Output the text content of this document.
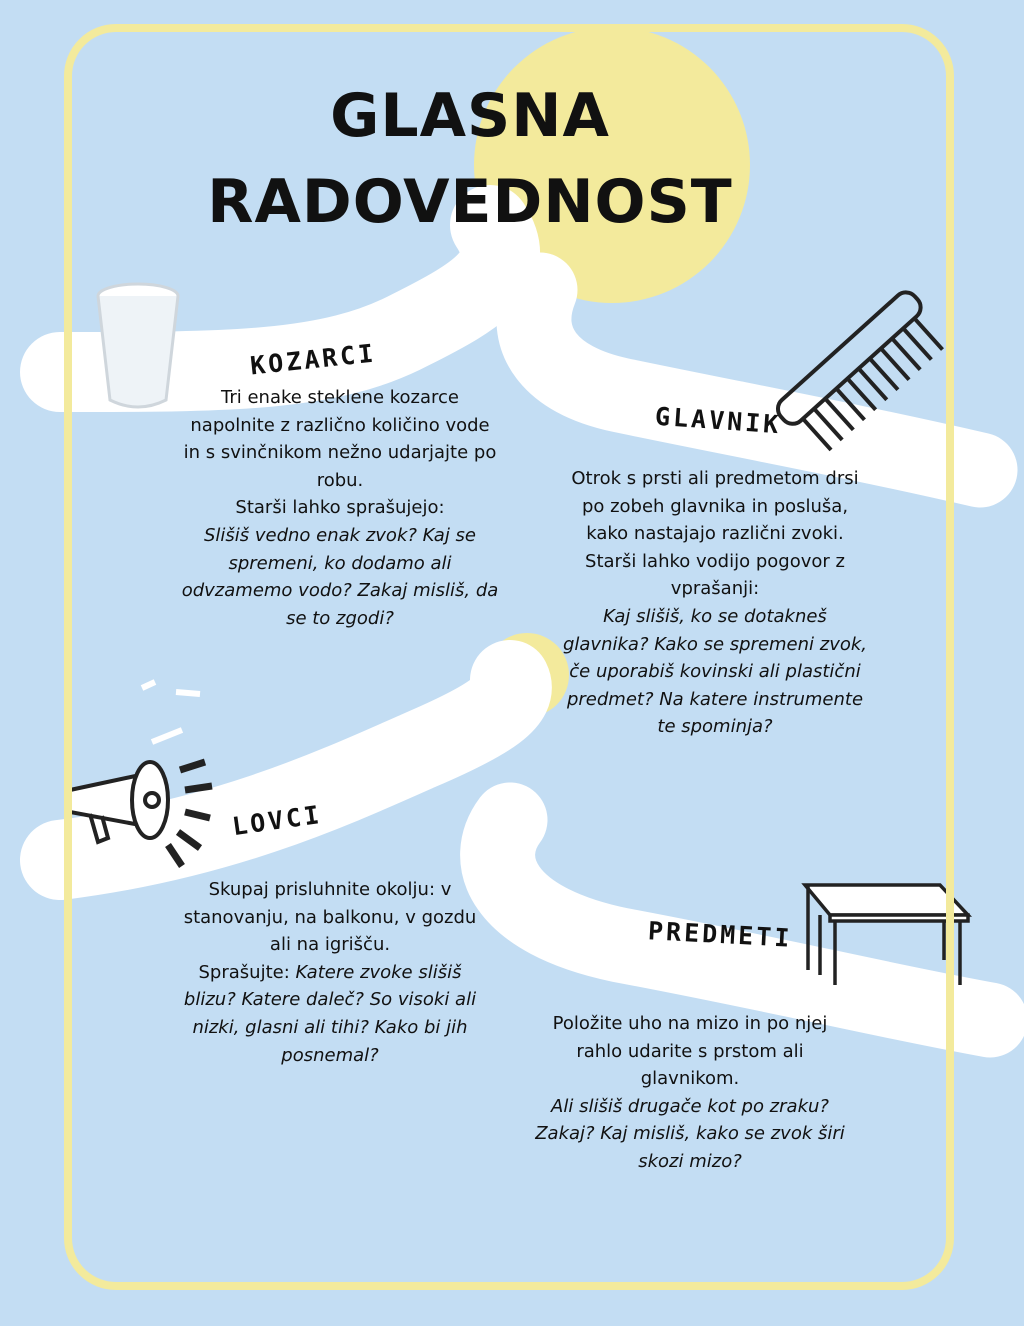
GLASNA
RADOVEDNOST
KOZARCI

Tri enake steklene kozarce napolnite z različno količino vode in s svinčnikom nežno udarjajte po robu.

Starši lahko sprašujejo:

Slišiš vedno enak zvok? Kaj se spremeni, ko dodamo ali odvzamemo vodo? Zakaj misliš, da se to zgodi?

GLAVNIK

Otrok s prsti ali predmetom drsi po zobeh glavnika in posluša, kako nastajajo različni zvoki.

Starši lahko vodijo pogovor z vprašanji:

Kaj slišiš, ko se dotakneš glavnika? Kako se spremeni zvok, če uporabiš kovinski ali plastični predmet? Na katere instrumente te spominja?

LOVCI

Skupaj prisluhnite okolju: v stanovanju, na balkonu, v gozdu ali na igrišču.

Sprašujte: Katere zvoke slišiš blizu? Katere daleč? So visoki ali nizki, glasni ali tihi? Kako bi jih posnemal?

PREDMETI

Položite uho na mizo in po njej rahlo udarite s prstom ali glavnikom.

Ali slišiš drugače kot po zraku? Zakaj? Kaj misliš, kako se zvok širi skozi mizo?
